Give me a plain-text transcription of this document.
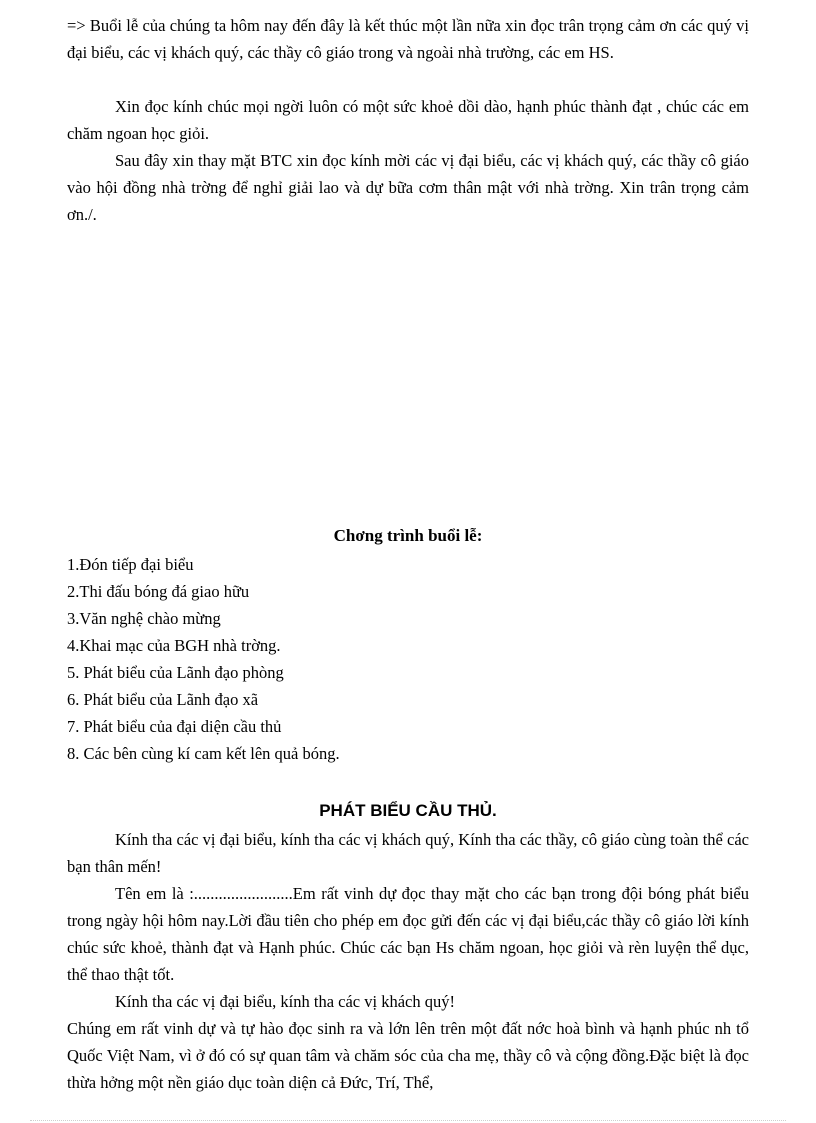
=> Buổi lễ của chúng ta hôm nay đến đây là kết thúc một lần nữa xin đọc trân trọng cảm ơn các quý vị đại biểu, các vị khách quý, các thầy cô giáo trong và ngoài nhà trường, các em HS.

Xin đọc kính chúc mọi ngời luôn có một sức khoẻ dồi dào, hạnh phúc thành đạt , chúc các em chăm ngoan học giỏi.

Sau đây xin thay mặt BTC xin đọc kính mời các vị đại biểu, các vị khách quý, các thầy cô giáo vào hội đồng nhà trờng để nghỉ giải lao và dự bữa cơm thân mật với nhà trờng. Xin trân trọng cảm ơn./.

Chơng trình buổi lễ:
1.Đón tiếp đại biểu
2.Thi đấu bóng đá giao hữu
3.Văn nghệ chào mừng
4.Khai mạc của BGH nhà trờng.
5. Phát biểu của Lãnh đạo phòng
6. Phát biểu của Lãnh đạo xã
7. Phát biểu của đại diện cầu thủ
8. Các bên cùng kí cam kết lên quả bóng.
PHÁT BIỂU CẦU THỦ.

Kính tha các vị đại biểu, kính tha các vị khách quý, Kính tha các thầy, cô giáo cùng toàn thể các bạn thân mến!

Tên em là :........................Em rất vinh dự đọc thay mặt cho các bạn trong đội bóng phát biểu trong ngày hội hôm nay.Lời đầu tiên cho phép em đọc gửi đến các vị đại biểu,các thầy cô giáo lời kính chúc sức khoẻ, thành đạt và Hạnh phúc. Chúc các bạn Hs chăm ngoan, học giỏi và rèn luyện thể dục, thể thao thật tốt.

Kính tha các vị đại biểu, kính tha các vị khách quý!

Chúng em rất vinh dự và tự hào đọc sinh ra và lớn lên trên một đất nớc hoà bình và hạnh phúc nh tổ Quốc Việt Nam, vì ở đó có sự quan tâm và chăm sóc của cha mẹ, thầy cô và cộng đồng.Đặc biệt là đọc thừa hởng một nền giáo dục toàn diện cả Đức, Trí, Thể,
